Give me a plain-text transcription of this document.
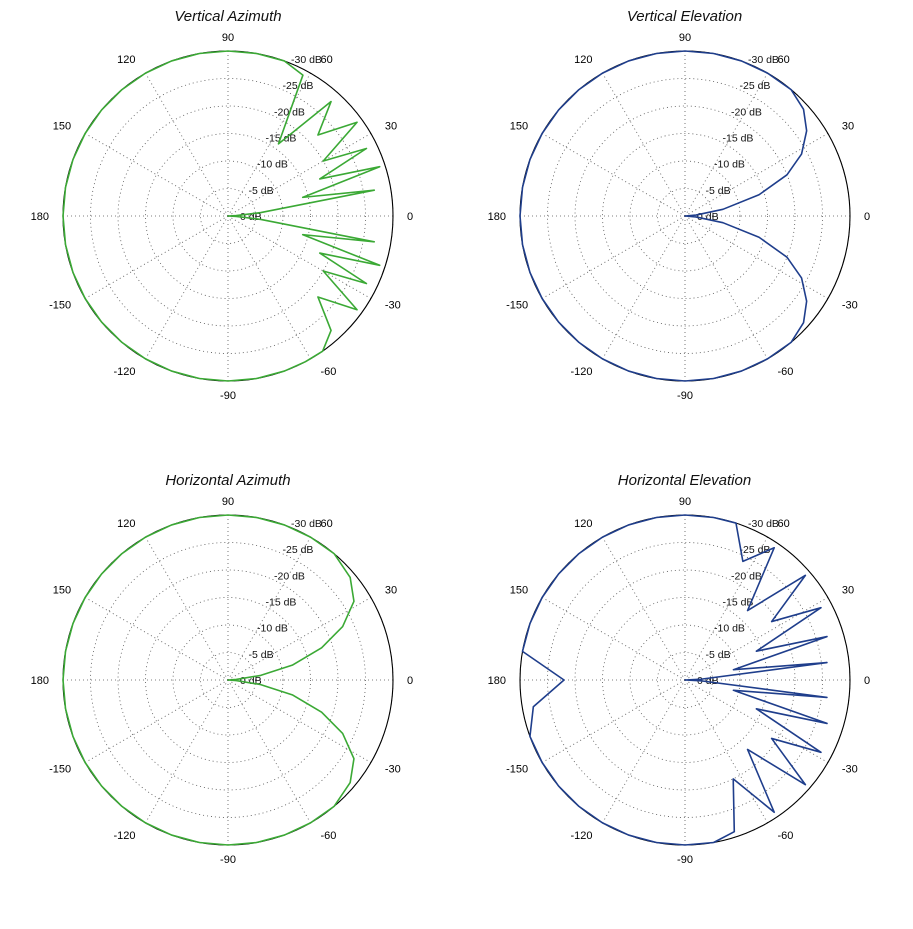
Vertical Azimuth
0
30
60
90
120
150
180
-150
-120
-90
-60
-30
0 dB
-5 dB
-10 dB
-15 dB
-20 dB
-25 dB
-30 dB
Vertical Elevation
0
30
60
90
120
150
180
-150
-120
-90
-60
-30
0 dB
-5 dB
-10 dB
-15 dB
-20 dB
-25 dB
-30 dB
Horizontal Azimuth
0
30
60
90
120
150
180
-150
-120
-90
-60
-30
0 dB
-5 dB
-10 dB
-15 dB
-20 dB
-25 dB
-30 dB
Horizontal Elevation
0
30
60
90
120
150
180
-150
-120
-90
-60
-30
0 dB
-5 dB
-10 dB
-15 dB
-20 dB
-25 dB
-30 dB
